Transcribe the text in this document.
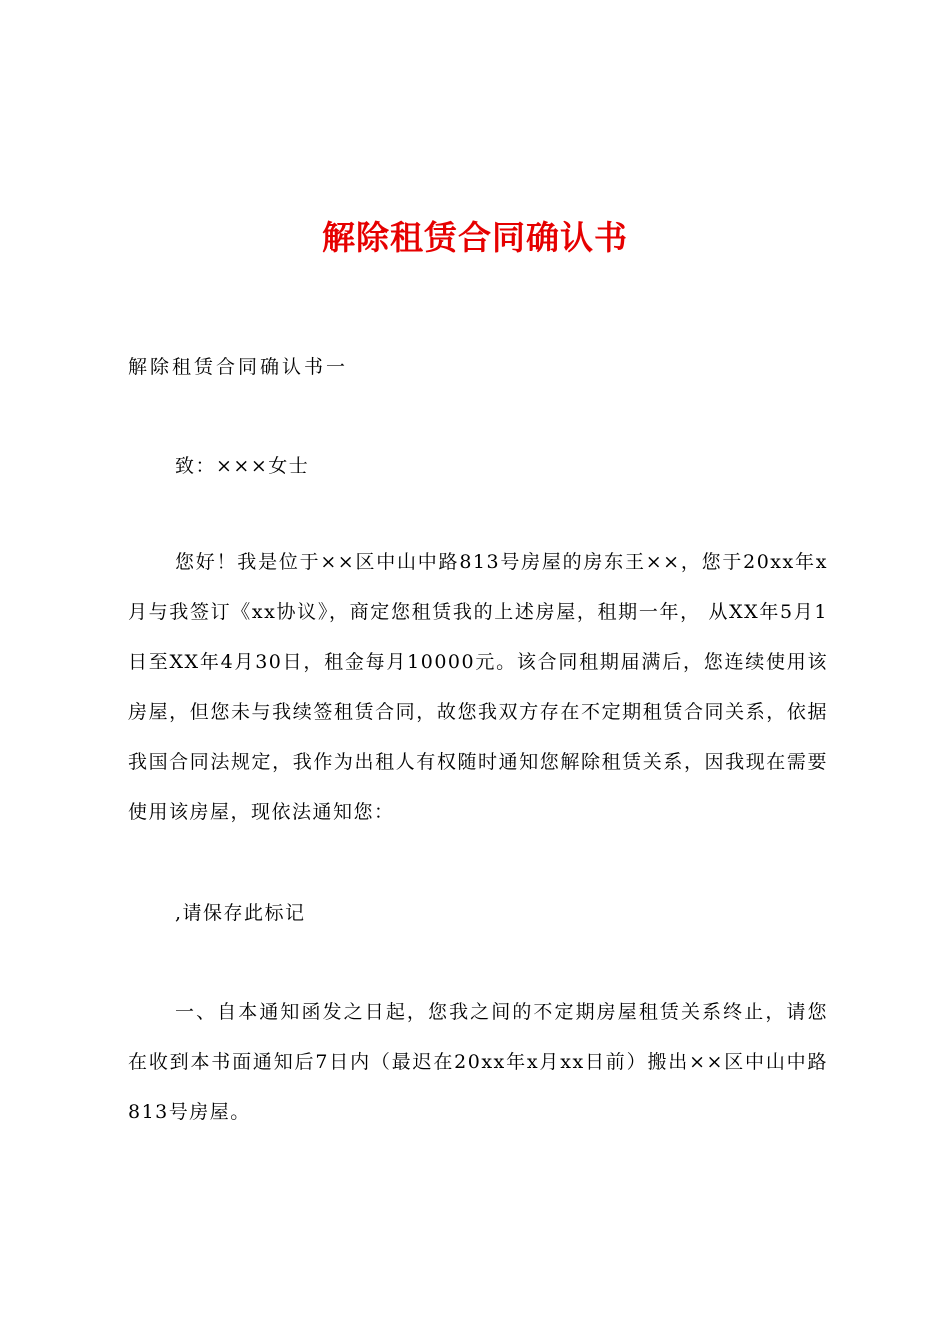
解除租赁合同确认书
解除租赁合同确认书一
致：×××女士
您好！我是位于××区中山中路813号房屋的房东王××，您于20xx年x月与我签订《xx协议》，商定您租赁我的上述房屋，租期一年， 从XX年5月1日至XX年4月30日，租金每月10000元。该合同租期届满后，您连续使用该房屋，但您未与我续签租赁合同，故您我双方存在不定期租赁合同关系，依据我国合同法规定，我作为出租人有权随时通知您解除租赁关系，因我现在需要使用该房屋，现依法通知您：
,请保存此标记
一、自本通知函发之日起，您我之间的不定期房屋租赁关系终止，请您在收到本书面通知后7日内（最迟在20xx年x月xx日前）搬出××区中山中路813号房屋。
